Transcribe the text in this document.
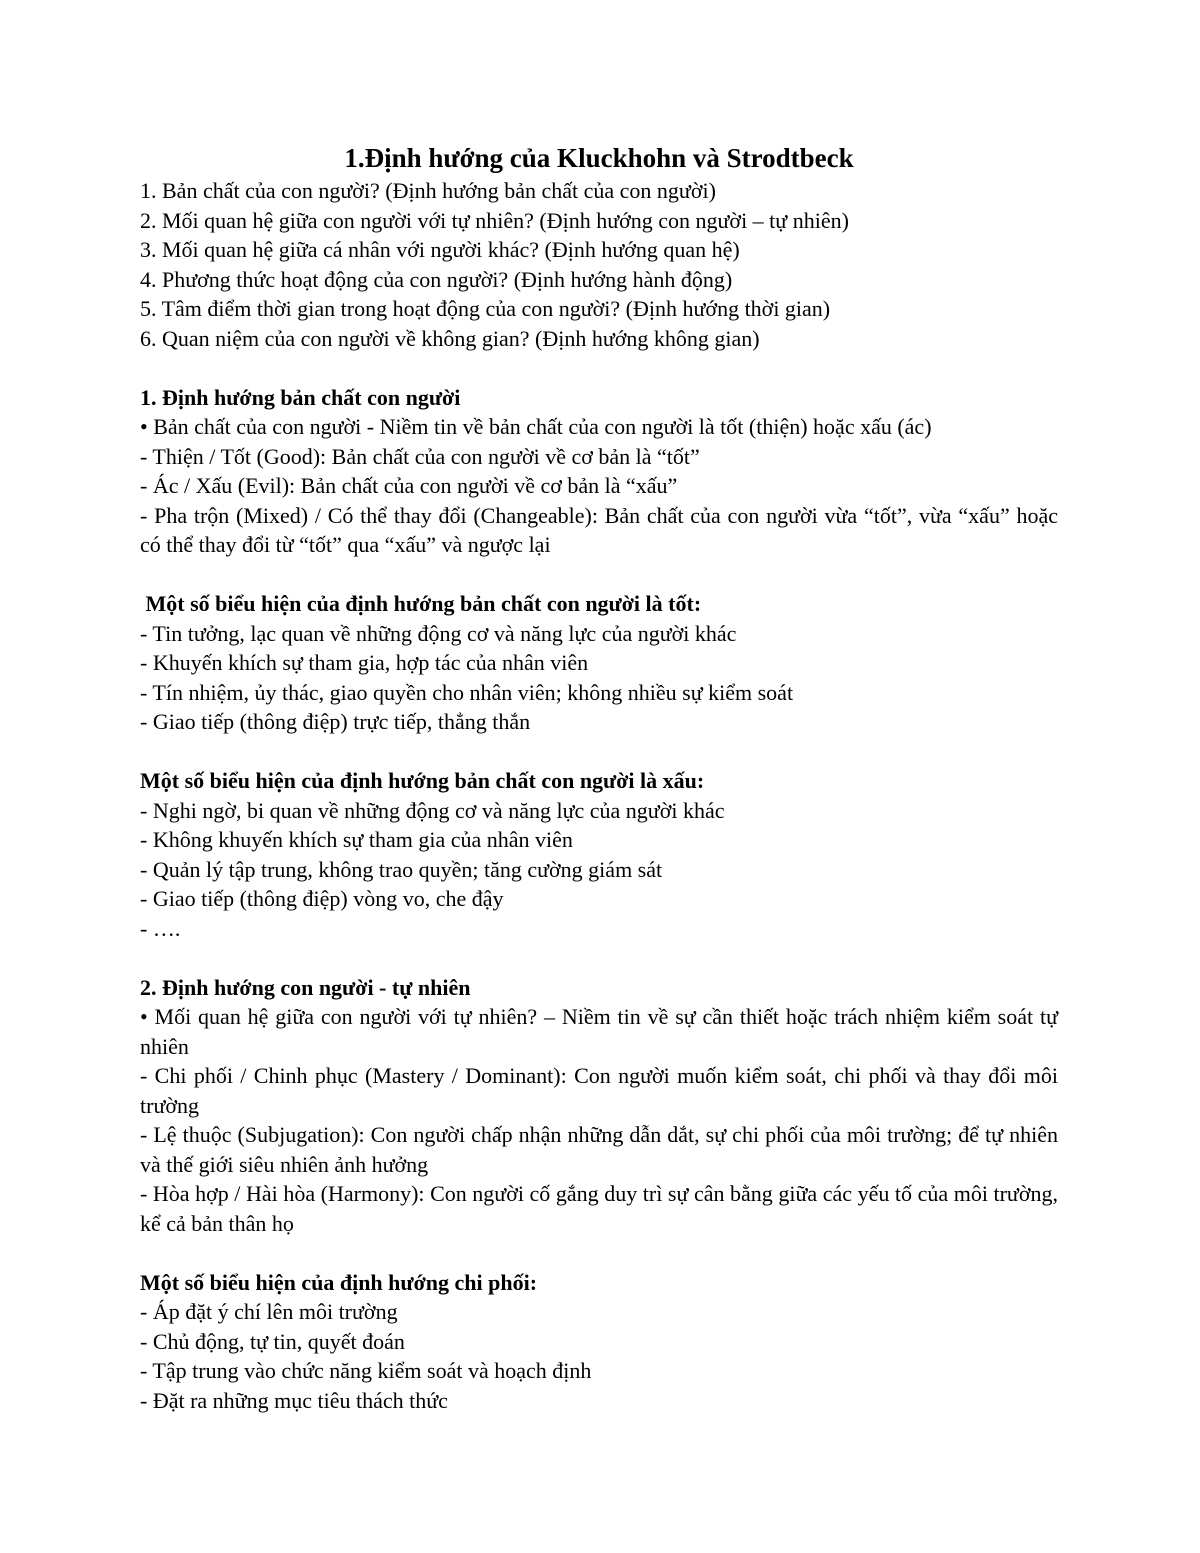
1.Định hướng của Kluckhohn và Strodtbeck

1. Bản chất của con người? (Định hướng bản chất của con người)

2. Mối quan hệ giữa con người với tự nhiên? (Định hướng con người – tự nhiên)

3. Mối quan hệ giữa cá nhân với người khác? (Định hướng quan hệ)

4. Phương thức hoạt động của con người? (Định hướng hành động)

5. Tâm điểm thời gian trong hoạt động của con người? (Định hướng thời gian)

6. Quan niệm của con người về không gian? (Định hướng không gian)

1. Định hướng bản chất con người

• Bản chất của con người - Niềm tin về bản chất của con người là tốt (thiện) hoặc xấu (ác)

- Thiện / Tốt (Good): Bản chất của con người về cơ bản là “tốt”

- Ác / Xấu (Evil): Bản chất của con người về cơ bản là “xấu”

- Pha trộn (Mixed) / Có thể thay đổi (Changeable): Bản chất của con người vừa “tốt”, vừa “xấu” hoặc có thể thay đổi từ “tốt” qua “xấu” và ngược lại

Một số biểu hiện của định hướng bản chất con người là tốt:

- Tin tưởng, lạc quan về những động cơ và năng lực của người khác

- Khuyến khích sự tham gia, hợp tác của nhân viên

- Tín nhiệm, ủy thác, giao quyền cho nhân viên; không nhiều sự kiểm soát

- Giao tiếp (thông điệp) trực tiếp, thẳng thắn

Một số biểu hiện của định hướng bản chất con người là xấu:

- Nghi ngờ, bi quan về những động cơ và năng lực của người khác

- Không khuyến khích sự tham gia của nhân viên

- Quản lý tập trung, không trao quyền; tăng cường giám sát

- Giao tiếp (thông điệp) vòng vo, che đậy

- ….

2. Định hướng con người - tự nhiên

• Mối quan hệ giữa con người với tự nhiên? – Niềm tin về sự cần thiết hoặc trách nhiệm kiểm soát tự nhiên

- Chi phối / Chinh phục (Mastery / Dominant): Con người muốn kiểm soát, chi phối và thay đổi môi trường

- Lệ thuộc (Subjugation): Con người chấp nhận những dẫn dắt, sự chi phối của môi trường; để tự nhiên và thế giới siêu nhiên ảnh hưởng

- Hòa hợp / Hài hòa (Harmony): Con người cố gắng duy trì sự cân bằng giữa các yếu tố của môi trường, kể cả bản thân họ

Một số biểu hiện của định hướng chi phối:

- Áp đặt ý chí lên môi trường

- Chủ động, tự tin, quyết đoán

- Tập trung vào chức năng kiểm soát và hoạch định

- Đặt ra những mục tiêu thách thức
